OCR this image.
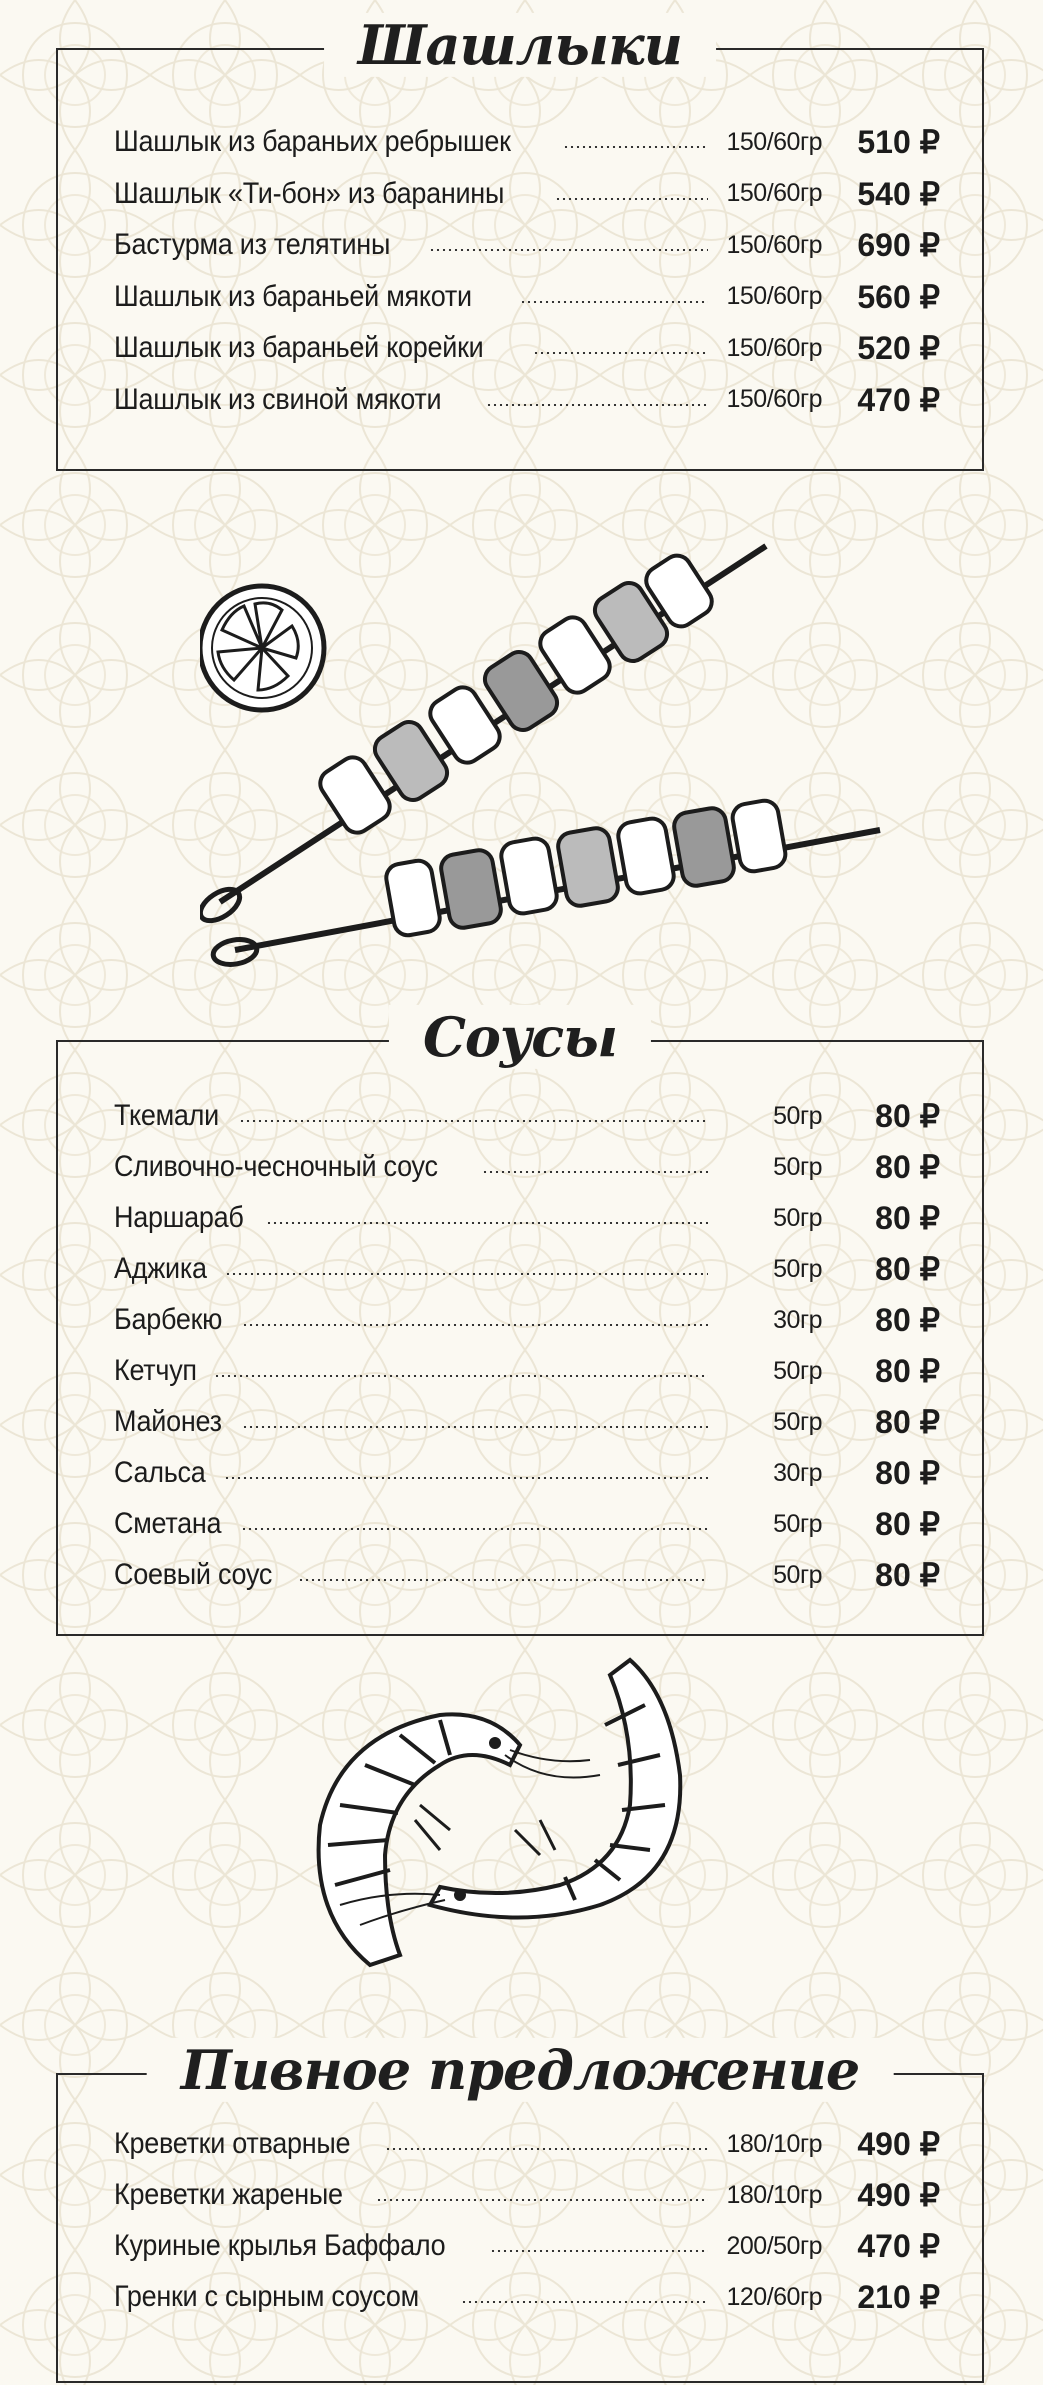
Шашлыки
Шашлык из бараньих ребрышек	150/60гр	510 ₽
Шашлык «Ти-бон» из баранины	150/60гр	540 ₽
Бастурма из телятины	150/60гр	690 ₽
Шашлык из бараньей мякоти	150/60гр	560 ₽
Шашлык из бараньей корейки	150/60гр	520 ₽
Шашлык из свиной мякоти	150/60гр	470 ₽
Соусы
Ткемали	50гр	80 ₽
Сливочно-чесночный соус	50гр	80 ₽
Наршараб	50гр	80 ₽
Аджика	50гр	80 ₽
Барбекю	30гр	80 ₽
Кетчуп	50гр	80 ₽
Майонез	50гр	80 ₽
Сальса	30гр	80 ₽
Сметана	50гр	80 ₽
Соевый соус	50гр	80 ₽
Пивное предложение
Креветки отварные	180/10гр	490 ₽
Креветки жареные	180/10гр	490 ₽
Куриные крылья Баффало	200/50гр	470 ₽
Гренки с сырным соусом	120/60гр	210 ₽
